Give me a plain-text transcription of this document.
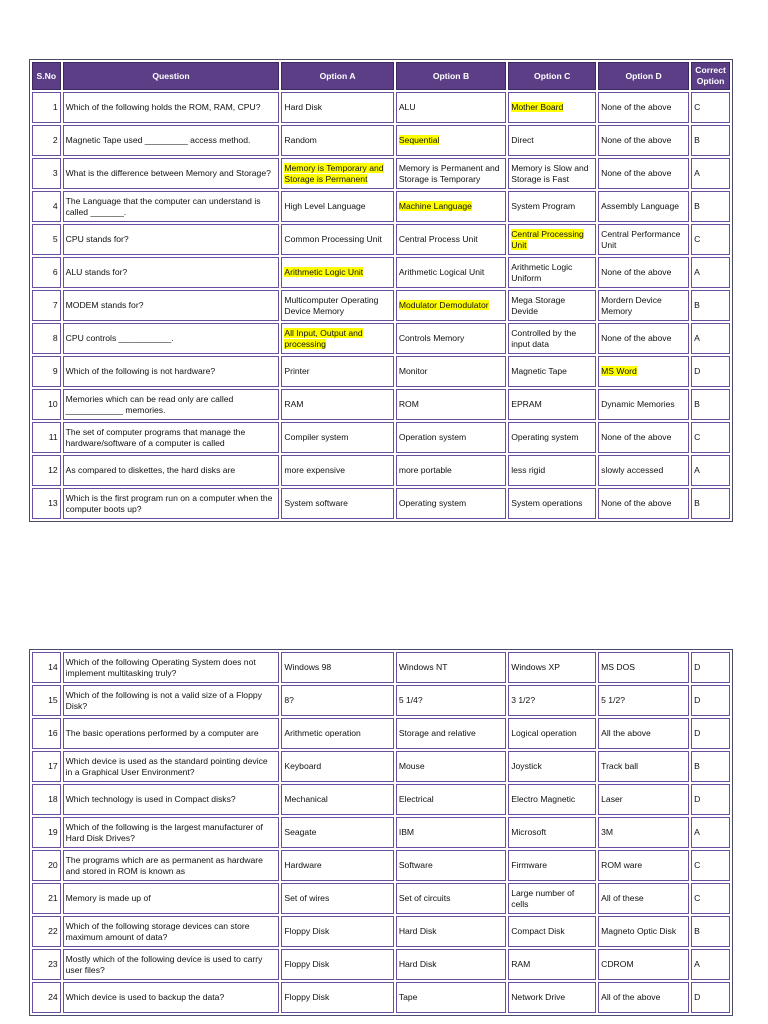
S.No	Question	Option A	Option B	Option C	Option D	Correct Option
1	Which of the following holds the ROM, RAM, CPU?	Hard Disk	ALU	Mother Board	None of the above	C
2	Magnetic Tape used _________ access method.	Random	Sequential	Direct	None of the above	B
3	What is the difference between Memory and Storage?	Memory is Temporary and Storage is Permanent	Memory is Permanent and Storage is Temporary	Memory is Slow and Storage is Fast	None of the above	A
4	The Language that the computer can understand is called _______.	High Level Language	Machine Language	System Program	Assembly Language	B
5	CPU stands for?	Common Processing Unit	Central Process Unit	Central Processing Unit	Central Performance Unit	C
6	ALU stands for?	Arithmetic Logic Unit	Arithmetic Logical Unit	Arithmetic Logic Uniform	None of the above	A
7	MODEM stands for?	Multicomputer Operating Device Memory	Modulator Demodulator	Mega Storage Devide	Mordern Device Memory	B
8	CPU controls ___________.	All Input, Output and processing	Controls Memory	Controlled by the input data	None of the above	A
9	Which of the following is not hardware?	Printer	Monitor	Magnetic Tape	MS Word	D
10	Memories which can be read only are called ____________ memories.	RAM	ROM	EPRAM	Dynamic Memories	B
11	The set of computer programs that manage the hardware/software of a computer is called	Compiler system	Operation system	Operating system	None of the above	C
12	As compared to diskettes, the hard disks are	more expensive	more portable	less rigid	slowly accessed	A
13	Which is the first program run on a computer when the computer boots up?	System software	Operating system	System operations	None of the above	B
14	Which of the following Operating System does not implement multitasking truly?	Windows 98	Windows NT	Windows XP	MS DOS	D
15	Which of the following is not a valid size of a Floppy Disk?	8?	5 1/4?	3 1/2?	5 1/2?	D
16	The basic operations performed by a computer are	Arithmetic operation	Storage and relative	Logical operation	All the above	D
17	Which device is used as the standard pointing device in a Graphical User Environment?	Keyboard	Mouse	Joystick	Track ball	B
18	Which technology is used in Compact disks?	Mechanical	Electrical	Electro Magnetic	Laser	D
19	Which of the following is the largest manufacturer of Hard Disk Drives?	Seagate	IBM	Microsoft	3M	A
20	The programs which are as permanent as hardware and stored in ROM is known as	Hardware	Software	Firmware	ROM ware	C
21	Memory is made up of	Set of wires	Set of circuits	Large number of cells	All of these	C
22	Which of the following storage devices can store maximum amount of data?	Floppy Disk	Hard Disk	Compact Disk	Magneto Optic Disk	B
23	Mostly which of the following device is used to carry user files?	Floppy Disk	Hard Disk	RAM	CDROM	A
24	Which device is used to backup the data?	Floppy Disk	Tape	Network Drive	All of the above	D
